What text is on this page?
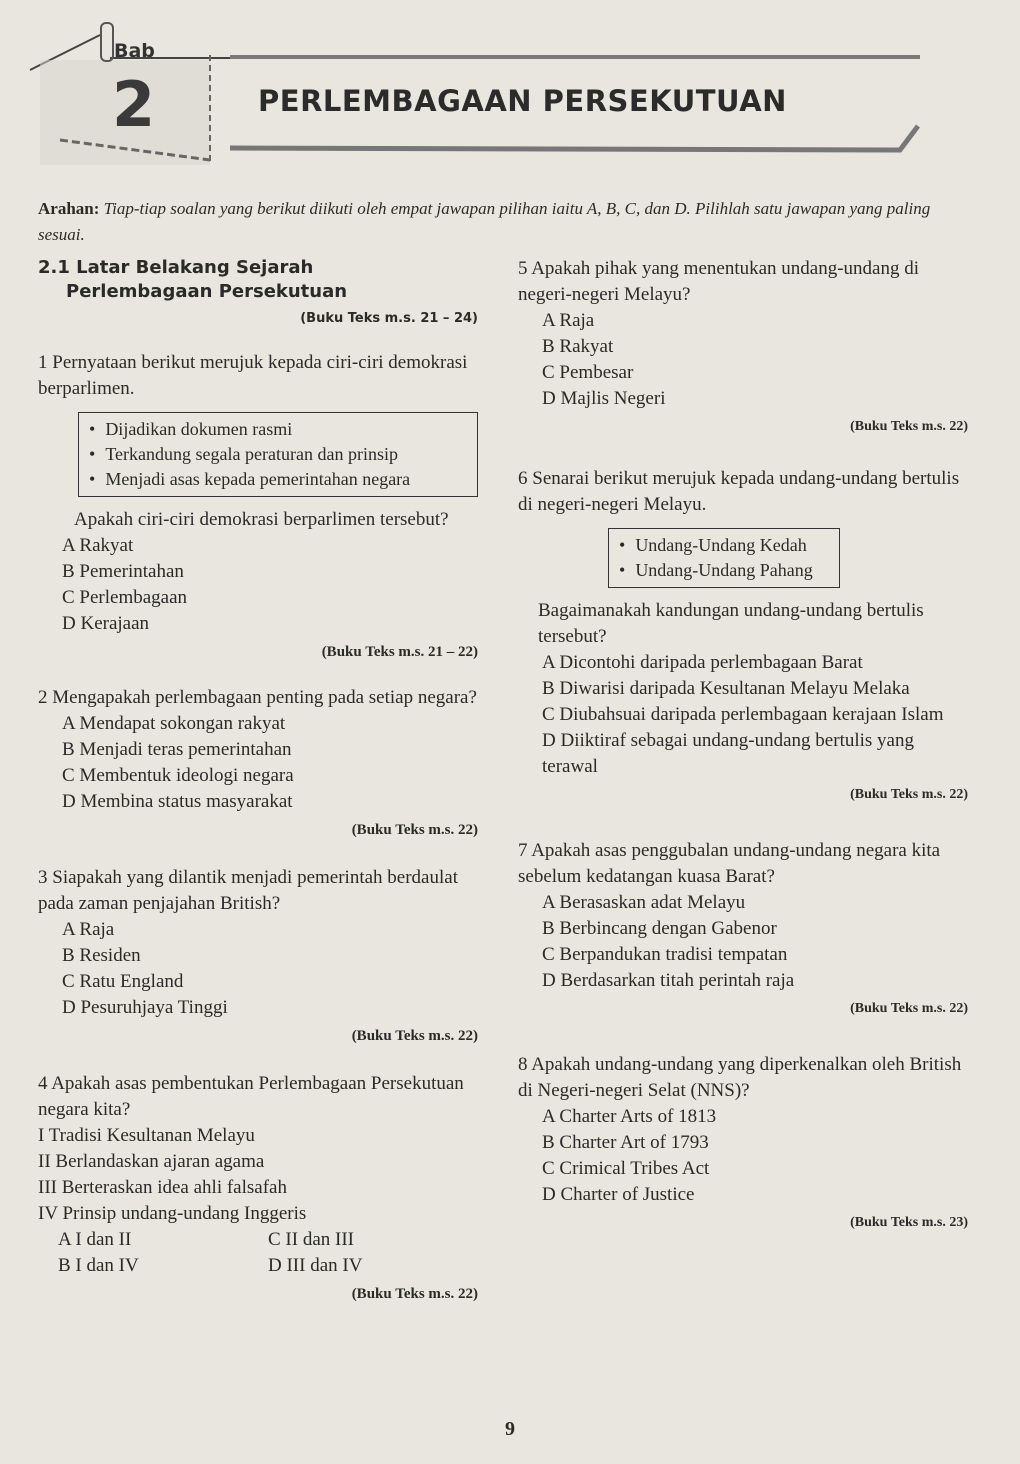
Bab
2	PERLEMBAGAAN PERSEKUTUAN
Arahan: Tiap-tiap soalan yang berikut diikuti oleh empat jawapan pilihan iaitu A, B, C, dan D. Pilihlah satu jawapan yang paling sesuai.
2.1 Latar Belakang Sejarah
Perlembagaan Persekutuan
(Buku Teks m.s. 21 – 24)
1 Pernyataan berikut merujuk kepada ciri-ciri demokrasi berparlimen.
• Dijadikan dokumen rasmi
• Terkandung segala peraturan dan prinsip
• Menjadi asas kepada pemerintahan negara
Apakah ciri-ciri demokrasi berparlimen tersebut?
A Rakyat
B Pemerintahan
C Perlembagaan
D Kerajaan
(Buku Teks m.s. 21 – 22)
2 Mengapakah perlembagaan penting pada setiap negara?
A Mendapat sokongan rakyat
B Menjadi teras pemerintahan
C Membentuk ideologi negara
D Membina status masyarakat
(Buku Teks m.s. 22)
3 Siapakah yang dilantik menjadi pemerintah berdaulat pada zaman penjajahan British?
A Raja
B Residen
C Ratu England
D Pesuruhjaya Tinggi
(Buku Teks m.s. 22)
4 Apakah asas pembentukan Perlembagaan Persekutuan negara kita?
I Tradisi Kesultanan Melayu
II Berlandaskan ajaran agama
III Berteraskan idea ahli falsafah
IV Prinsip undang-undang Inggeris
A I dan II	C II dan III
B I dan IV	D III dan IV
(Buku Teks m.s. 22)
5 Apakah pihak yang menentukan undang-undang di negeri-negeri Melayu?
A Raja
B Rakyat
C Pembesar
D Majlis Negeri
(Buku Teks m.s. 22)
6 Senarai berikut merujuk kepada undang-undang bertulis di negeri-negeri Melayu.
• Undang-Undang Kedah
• Undang-Undang Pahang
Bagaimanakah kandungan undang-undang bertulis tersebut?
A Dicontohi daripada perlembagaan Barat
B Diwarisi daripada Kesultanan Melayu Melaka
C Diubahsuai daripada perlembagaan kerajaan Islam
D Diiktiraf sebagai undang-undang bertulis yang terawal
(Buku Teks m.s. 22)
7 Apakah asas penggubalan undang-undang negara kita sebelum kedatangan kuasa Barat?
A Berasaskan adat Melayu
B Berbincang dengan Gabenor
C Berpandukan tradisi tempatan
D Berdasarkan titah perintah raja
(Buku Teks m.s. 22)
8 Apakah undang-undang yang diperkenalkan oleh British di Negeri-negeri Selat (NNS)?
A Charter Arts of 1813
B Charter Art of 1793
C Crimical Tribes Act
D Charter of Justice
(Buku Teks m.s. 23)
9
